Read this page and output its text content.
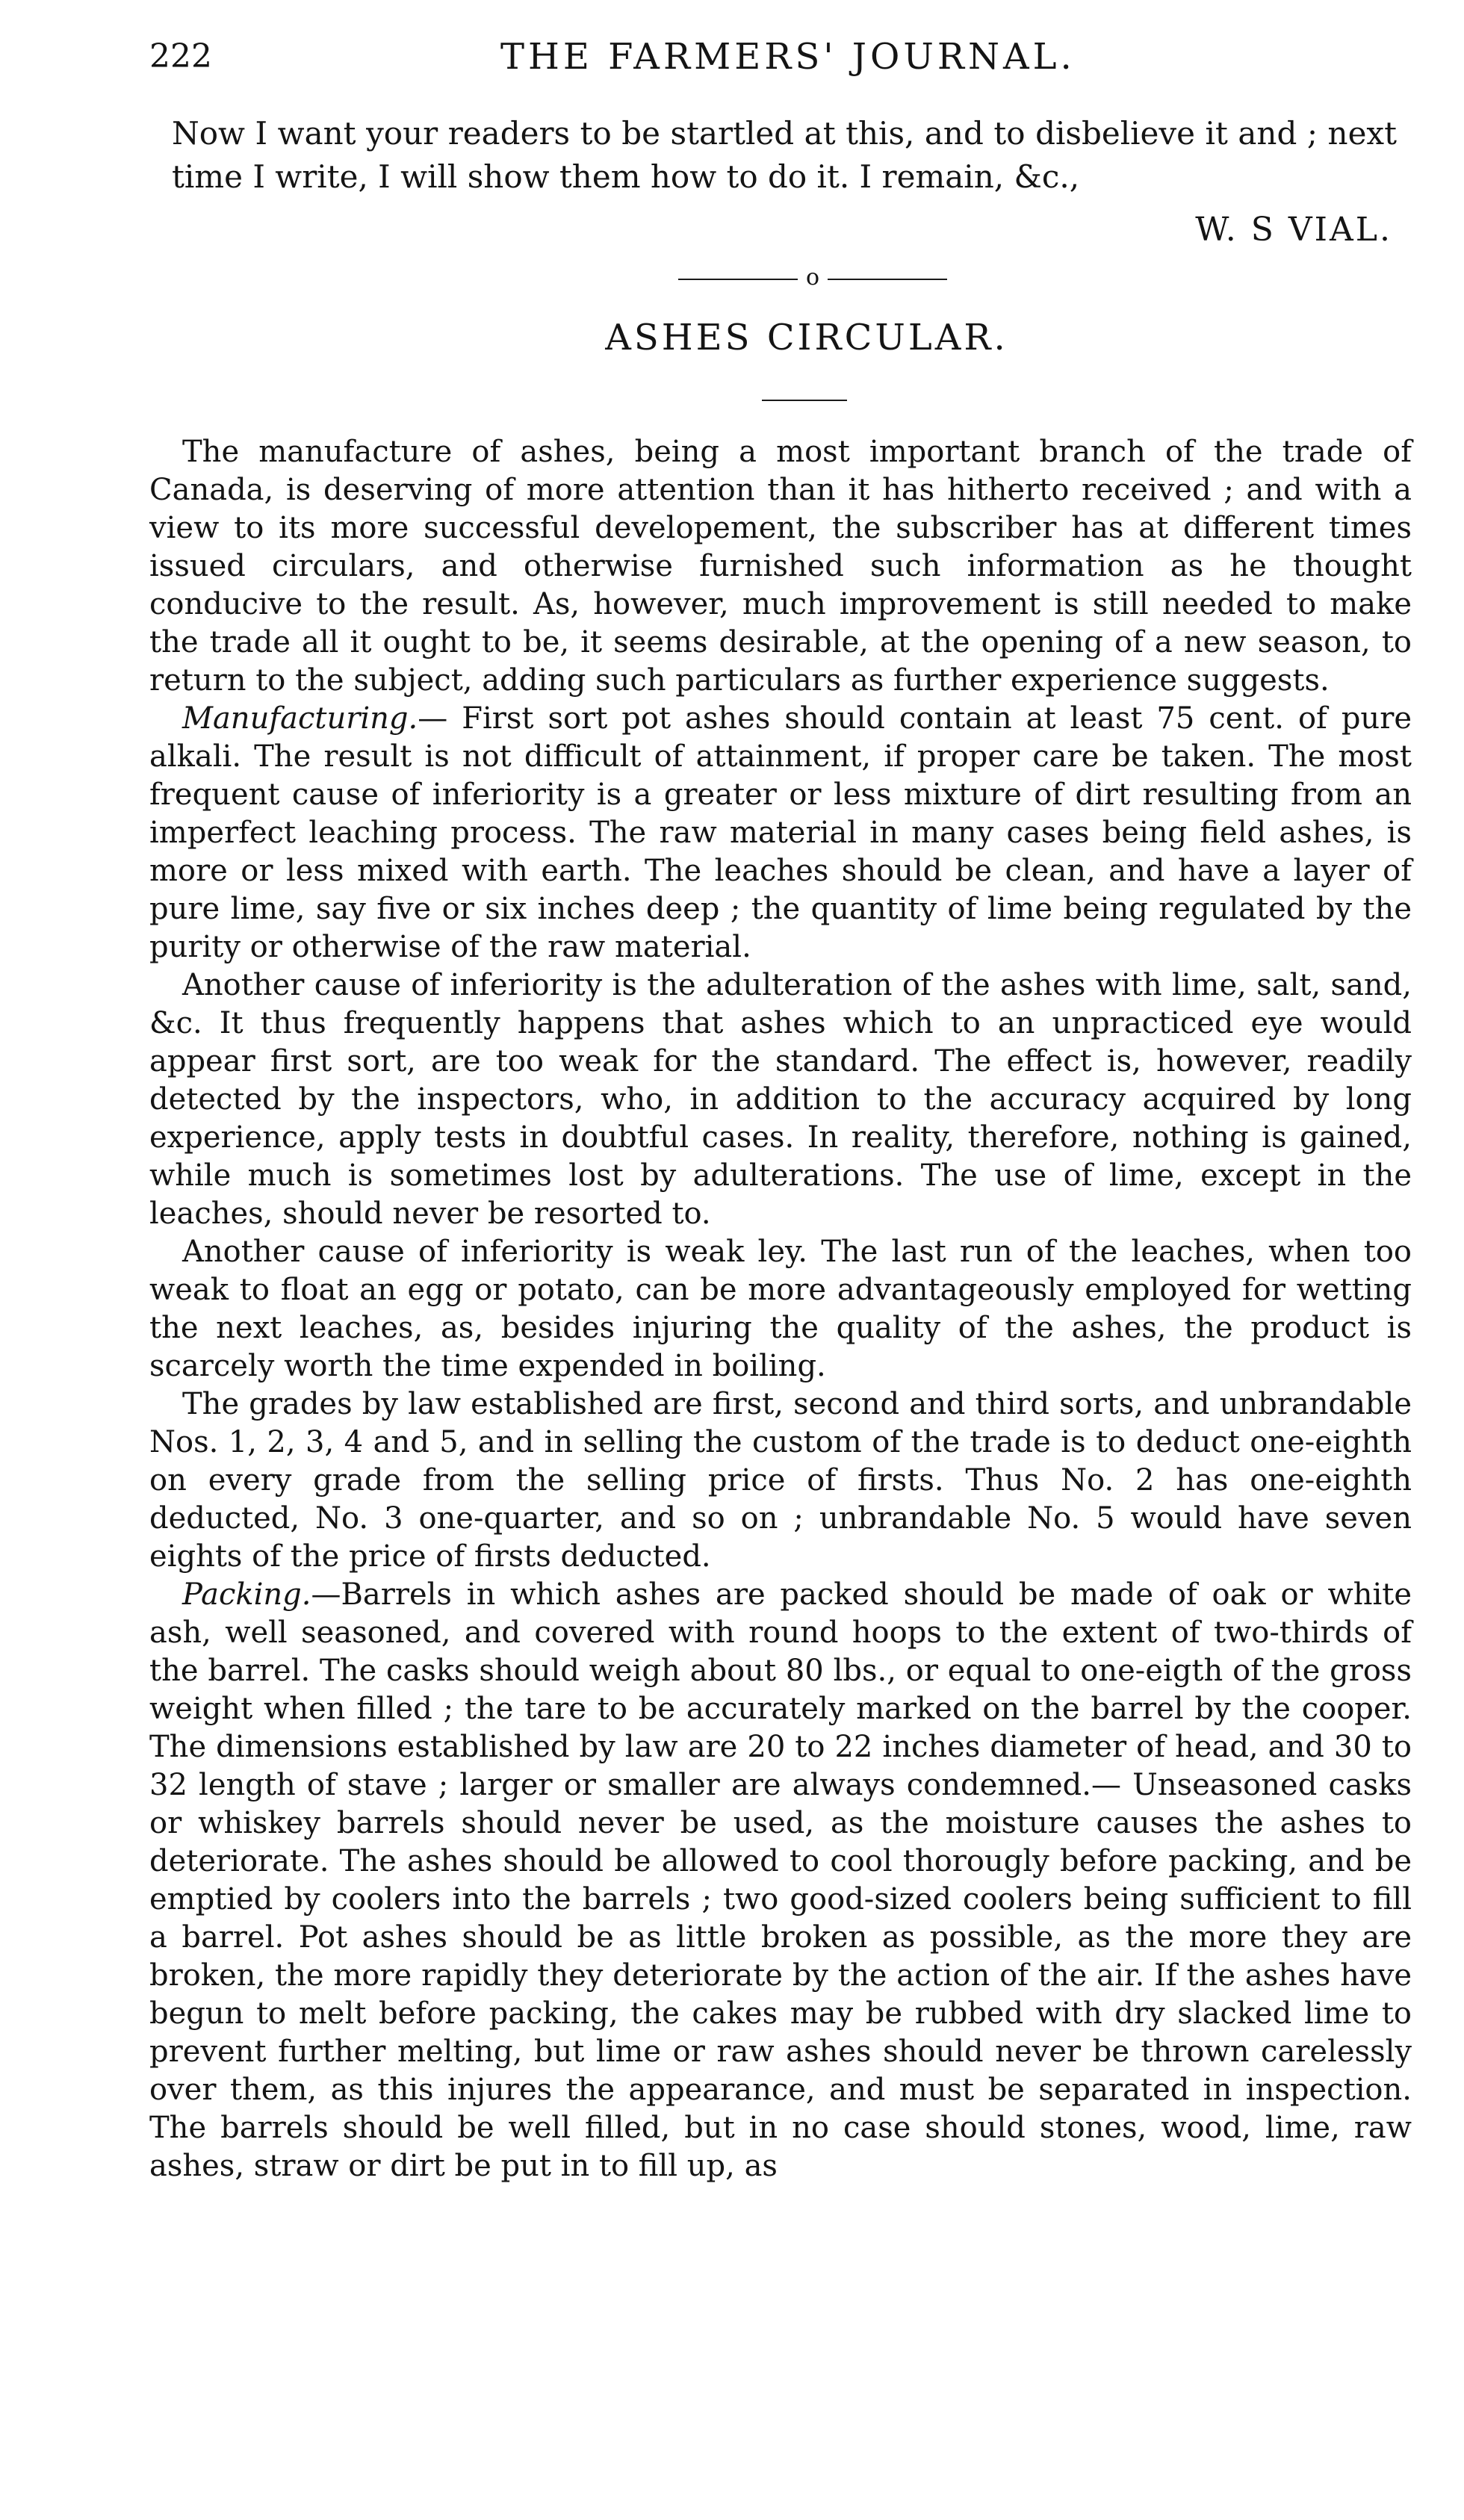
222	THE FARMERS' JOURNAL.
Now I want your readers to be startled at this, and to disbelieve it and ; next time I write, I will show them how to do it. I remain, &c.,
W. S VIAL.
o
ASHES CIRCULAR.

The manufacture of ashes, being a most important branch of the trade of Canada, is deserving of more attention than it has hitherto received ; and with a view to its more successful developement, the subscriber has at different times issued circulars, and otherwise furnished such information as he thought conducive to the result. As, however, much improvement is still needed to make the trade all it ought to be, it seems desirable, at the opening of a new season, to return to the subject, adding such particulars as further experience suggests.

Manufacturing.— First sort pot ashes should contain at least 75 cent. of pure alkali. The result is not difficult of attainment, if proper care be taken. The most frequent cause of inferiority is a greater or less mixture of dirt resulting from an imperfect leaching process. The raw material in many cases being field ashes, is more or less mixed with earth. The leaches should be clean, and have a layer of pure lime, say five or six inches deep ; the quantity of lime being regulated by the purity or otherwise of the raw material.

Another cause of inferiority is the adulteration of the ashes with lime, salt, sand, &c. It thus frequently happens that ashes which to an unpracticed eye would appear first sort, are too weak for the standard. The effect is, however, readily detected by the inspectors, who, in addition to the accuracy acquired by long experience, apply tests in doubtful cases. In reality, therefore, nothing is gained, while much is sometimes lost by adulterations. The use of lime, except in the leaches, should never be resorted to.

Another cause of inferiority is weak ley. The last run of the leaches, when too weak to float an egg or potato, can be more advantageously employed for wetting the next leaches, as, besides injuring the quality of the ashes, the product is scarcely worth the time expended in boiling.

The grades by law established are first, second and third sorts, and unbrandable Nos. 1, 2, 3, 4 and 5, and in selling the custom of the trade is to deduct one-eighth on every grade from the selling price of firsts. Thus No. 2 has one-eighth deducted, No. 3 one-quarter, and so on ; unbrandable No. 5 would have seven eights of the price of firsts deducted.

Packing.—Barrels in which ashes are packed should be made of oak or white ash, well seasoned, and covered with round hoops to the extent of two-thirds of the barrel. The casks should weigh about 80 lbs., or equal to one-eigth of the gross weight when filled ; the tare to be accurately marked on the barrel by the cooper. The dimensions established by law are 20 to 22 inches diameter of head, and 30 to 32 length of stave ; larger or smaller are always condemned.— Unseasoned casks or whiskey barrels should never be used, as the moisture causes the ashes to deteriorate. The ashes should be allowed to cool thorougly before packing, and be emptied by coolers into the barrels ; two good-sized coolers being sufficient to fill a barrel. Pot ashes should be as little broken as possible, as the more they are broken, the more rapidly they deteriorate by the action of the air. If the ashes have begun to melt before packing, the cakes may be rubbed with dry slacked lime to prevent further melting, but lime or raw ashes should never be thrown carelessly over them, as this injures the appearance, and must be separated in inspection. The barrels should be well filled, but in no case should stones, wood, lime, raw ashes, straw or dirt be put in to fill up, as
